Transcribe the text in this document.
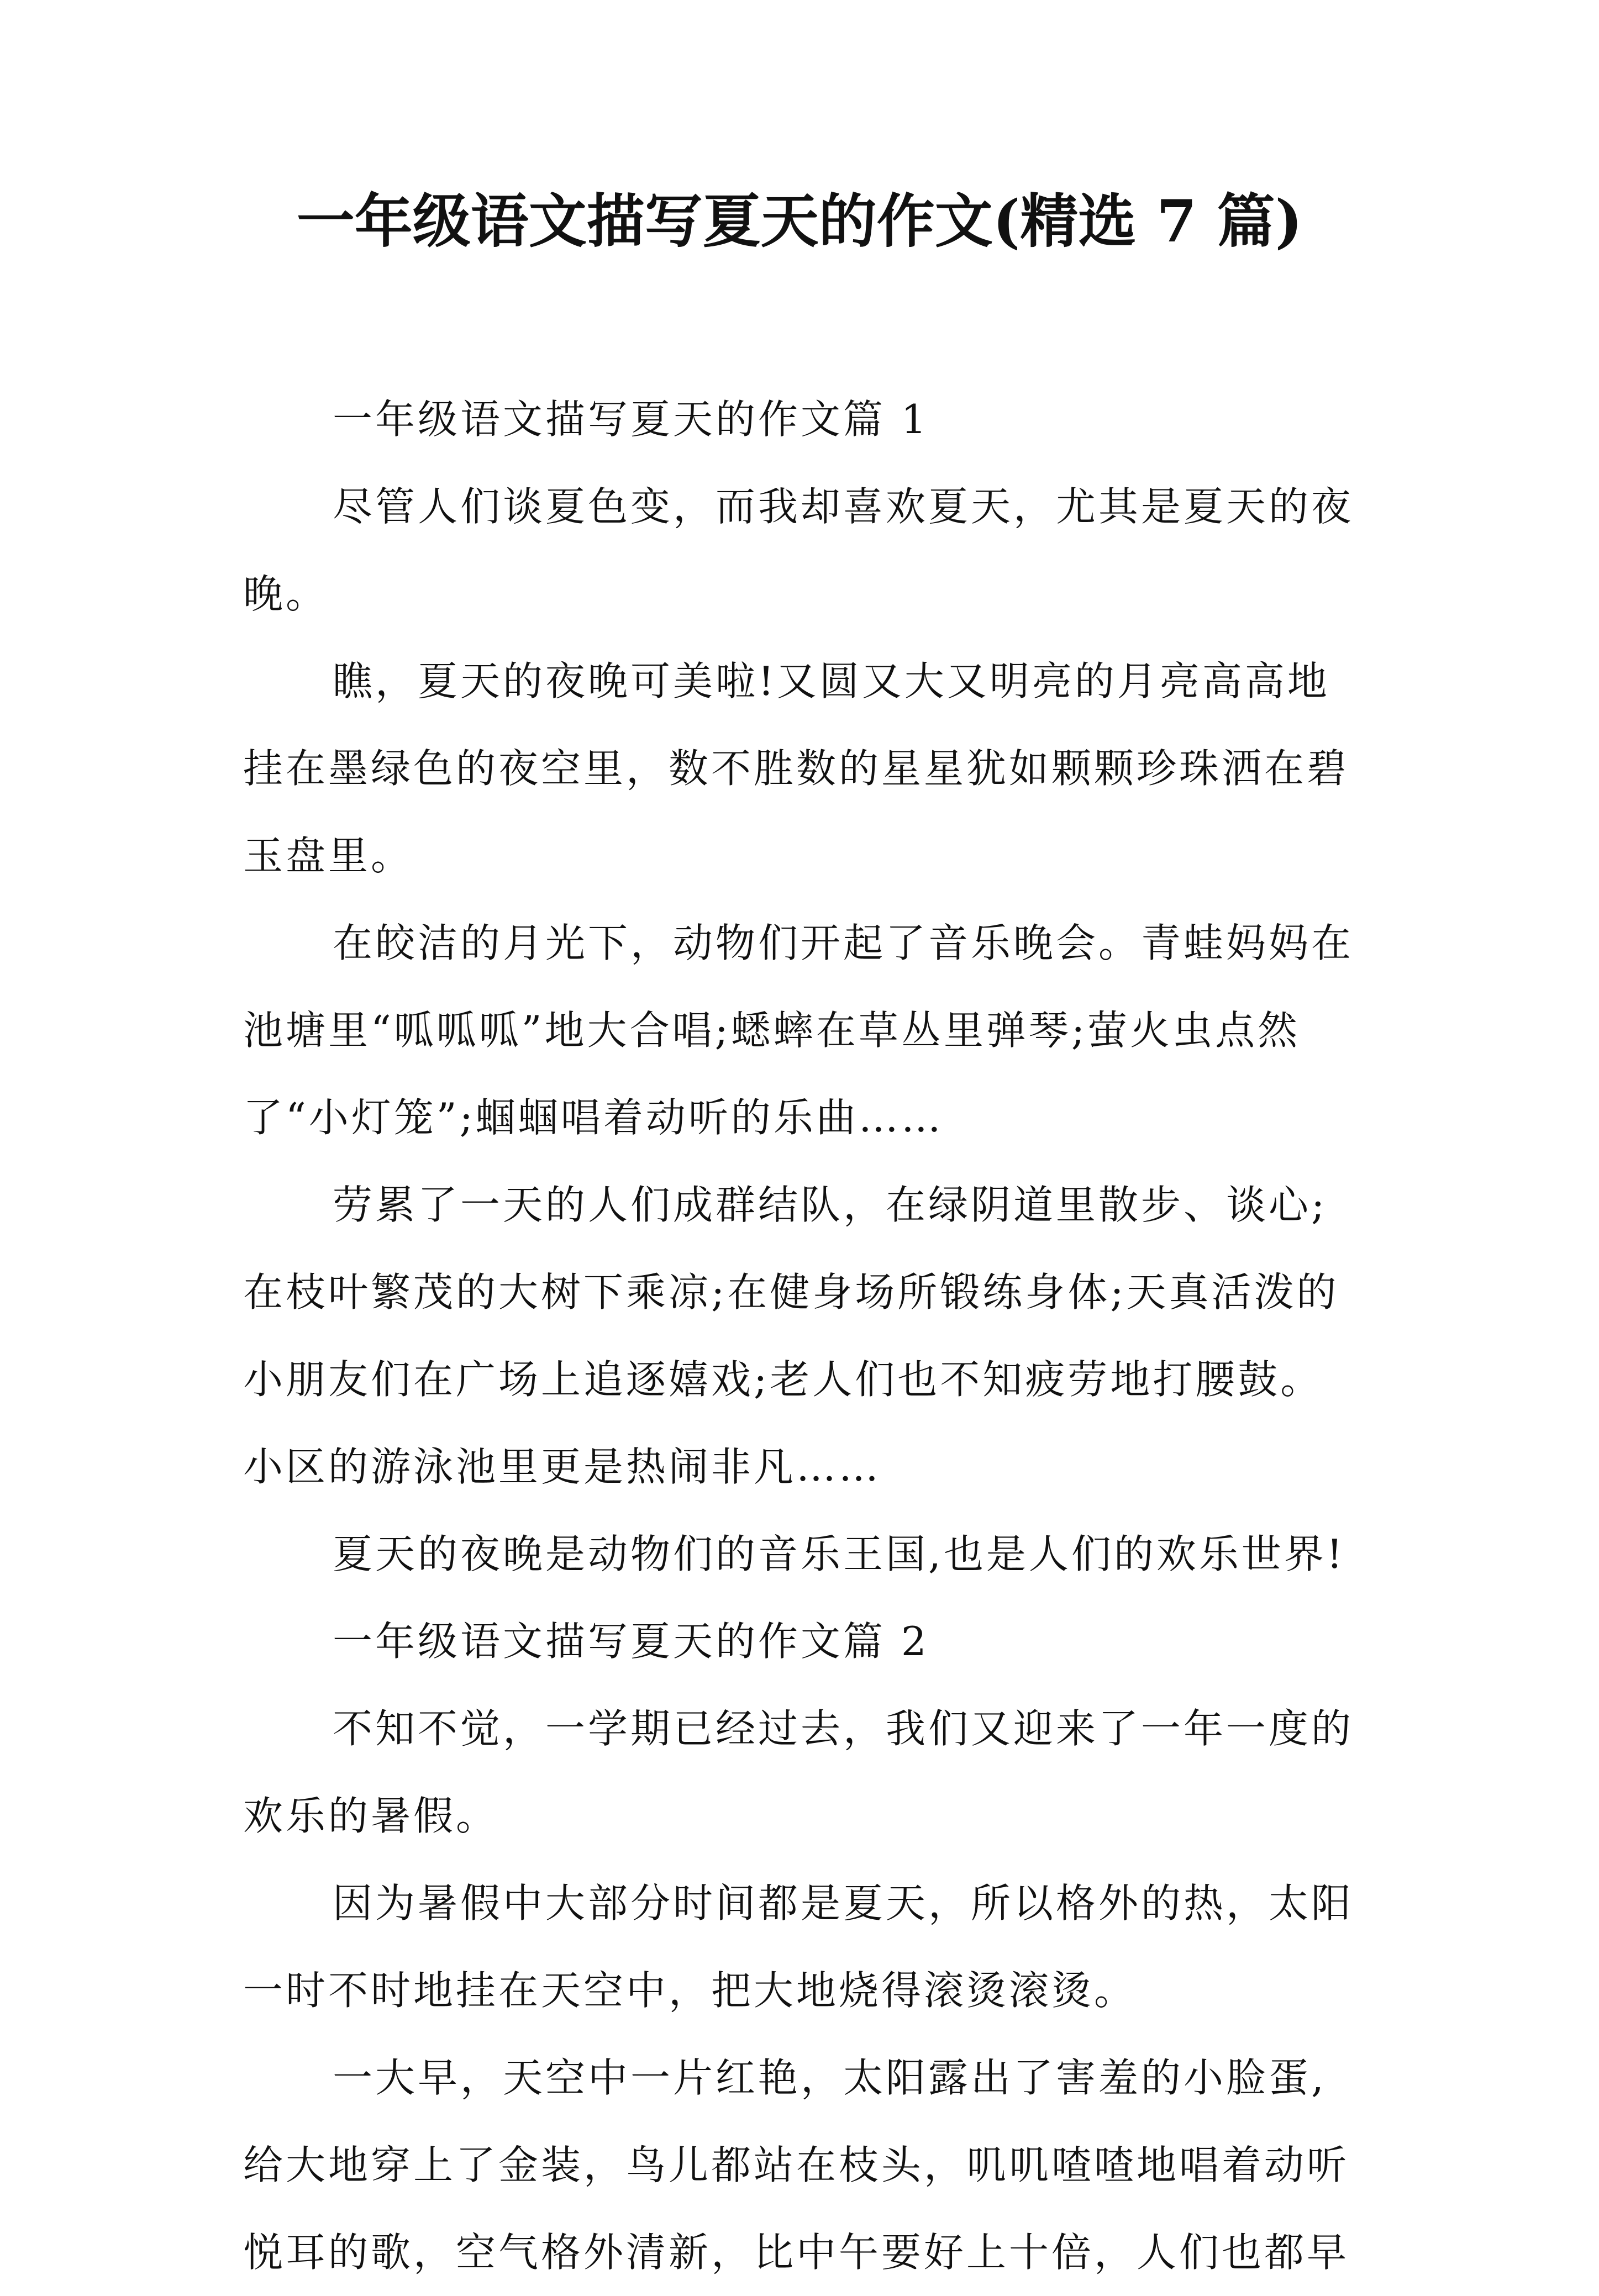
一年级语文描写夏天的作文(精选 7 篇)
一年级语文描写夏天的作文篇 1
尽管人们谈夏色变，而我却喜欢夏天，尤其是夏天的夜
晚。
瞧，夏天的夜晚可美啦!又圆又大又明亮的月亮高高地
挂在墨绿色的夜空里，数不胜数的星星犹如颗颗珍珠洒在碧
玉盘里。
在皎洁的月光下，动物们开起了音乐晚会。青蛙妈妈在
池塘里“呱呱呱”地大合唱;蟋蟀在草丛里弹琴;萤火虫点然
了“小灯笼”;蝈蝈唱着动听的乐曲……
劳累了一天的人们成群结队，在绿阴道里散步、谈心;
在枝叶繁茂的大树下乘凉;在健身场所锻练身体;天真活泼的
小朋友们在广场上追逐嬉戏;老人们也不知疲劳地打腰鼓。
小区的游泳池里更是热闹非凡……
夏天的夜晚是动物们的音乐王国,也是人们的欢乐世界!
一年级语文描写夏天的作文篇 2
不知不觉，一学期已经过去，我们又迎来了一年一度的
欢乐的暑假。
因为暑假中大部分时间都是夏天，所以格外的热，太阳
一时不时地挂在天空中，把大地烧得滚烫滚烫。
一大早，天空中一片红艳，太阳露出了害羞的小脸蛋,
给大地穿上了金装，鸟儿都站在枝头，叽叽喳喳地唱着动听
悦耳的歌，空气格外清新，比中午要好上十倍，人们也都早
